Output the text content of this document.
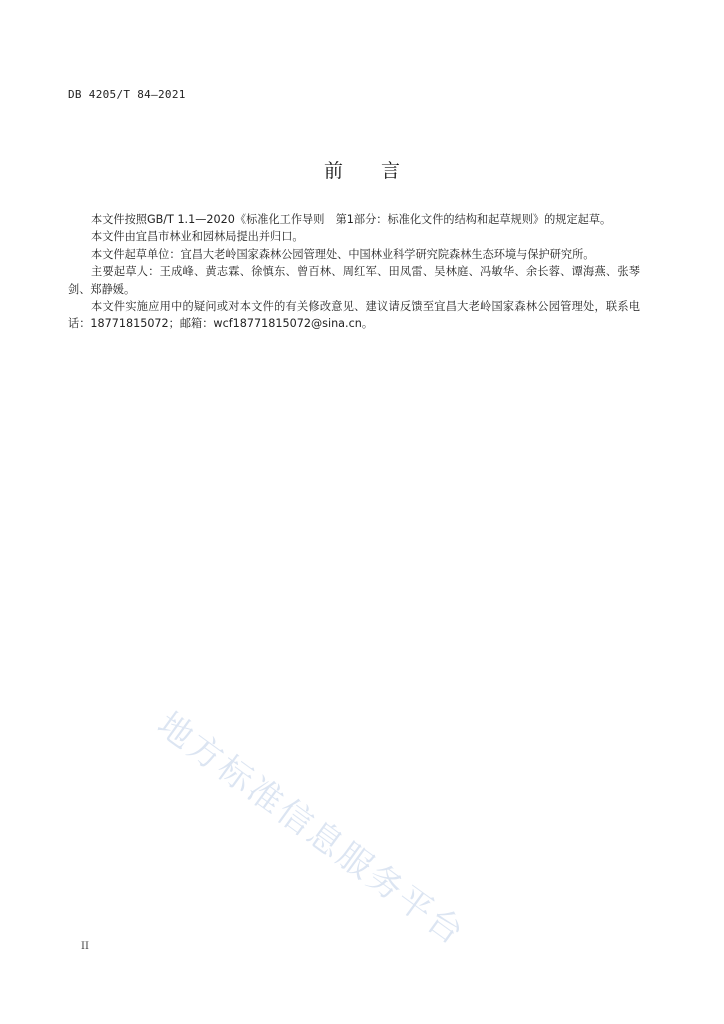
DB 4205/T 84—2021
前言

本文件按照GB/T 1.1—2020《标准化工作导则　第1部分：标准化文件的结构和起草规则》的规定起草。

本文件由宜昌市林业和园林局提出并归口。

本文件起草单位：宜昌大老岭国家森林公园管理处、中国林业科学研究院森林生态环境与保护研究所。

主要起草人：王成峰、黄志霖、徐慎东、曾百林、周红军、田凤雷、吴林庭、冯敏华、余长蓉、谭海燕、张琴剑、郑静媛。

本文件实施应用中的疑问或对本文件的有关修改意见、建议请反馈至宜昌大老岭国家森林公园管理处，联系电话：18771815072；邮箱：wcf18771815072@sina.cn。

地方标准信息服务平台
II
